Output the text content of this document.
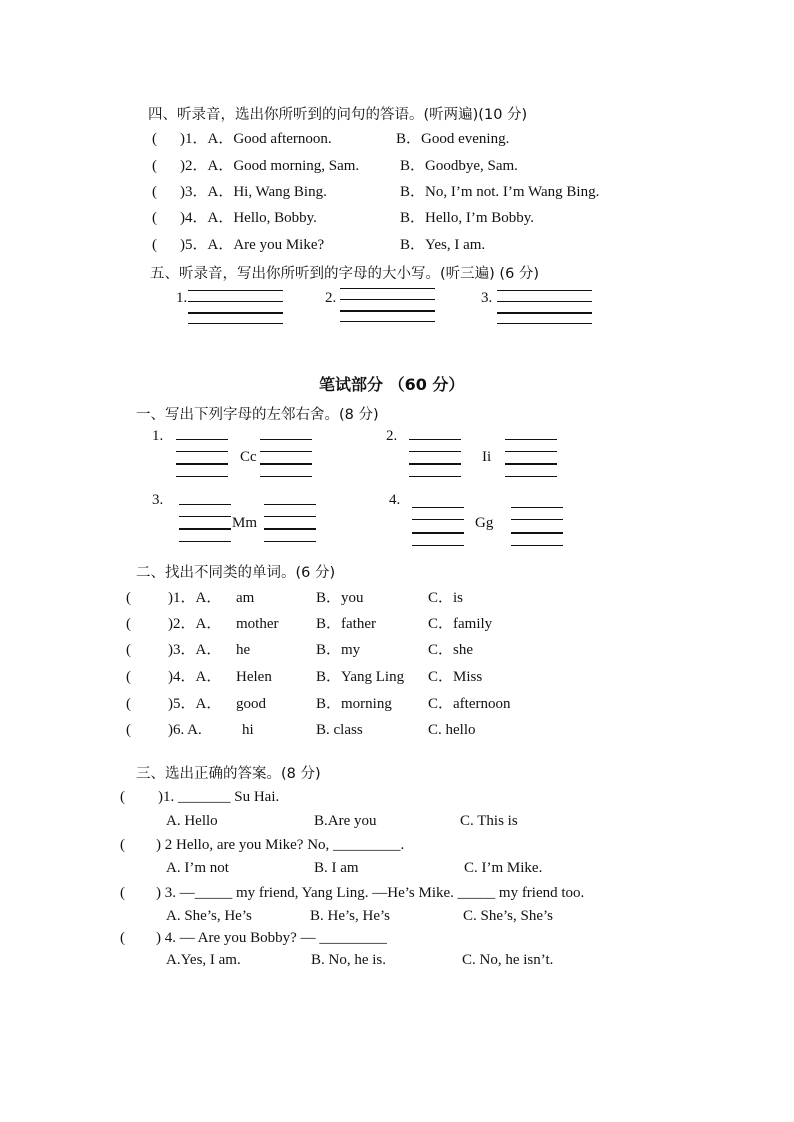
四、听录音，选出你所听到的问句的答语。(听两遍)(10 分)
( )1．A．Good afternoon.	B．Good evening.
( )2．A．Good morning, Sam.	B．Goodbye, Sam.
( )3．A．Hi, Wang Bing.	B．No, I’m not. I’m Wang Bing.
( )4．A．Hello, Bobby.	B．Hello, I’m Bobby.
( )5．A．Are you Mike?	B．Yes, I am.
五、听录音，写出你所听到的字母的大小写。(听三遍) (6 分)
1.	2.	3.
笔试部分 （60 分）
一、写出下列字母的左邻右舍。(8 分)
1.
Cc
2.
Ii
3.
Mm
4.
Gg
二、找出不同类的单词。(6 分)
( )1．A． am	B．you	C．is
( )2．A． mother	B．father	C．family
( )3．A． he	B．my	C．she
( )4．A． Helen	B．Yang Ling C．Miss
( )5．A． good	B．morning C．afternoon
( )6. A.	hi	B. class	C. hello
三、选出正确的答案。(8 分)
( )1. _______ Su Hai.
A. Hello	B.Are you	C. This is
( ) 2 Hello, are you Mike? No, _________.
A. I’m not	B. I am	C. I’m Mike.
( ) 3. —_____ my friend, Yang Ling. —He’s Mike. _____ my friend too.
A. She’s, He’s	B. He’s, He’s	C. She’s, She’s
( ) 4. — Are you Bobby? — _________
A.Yes, I am.	B. No, he is.	C. No, he isn’t.
